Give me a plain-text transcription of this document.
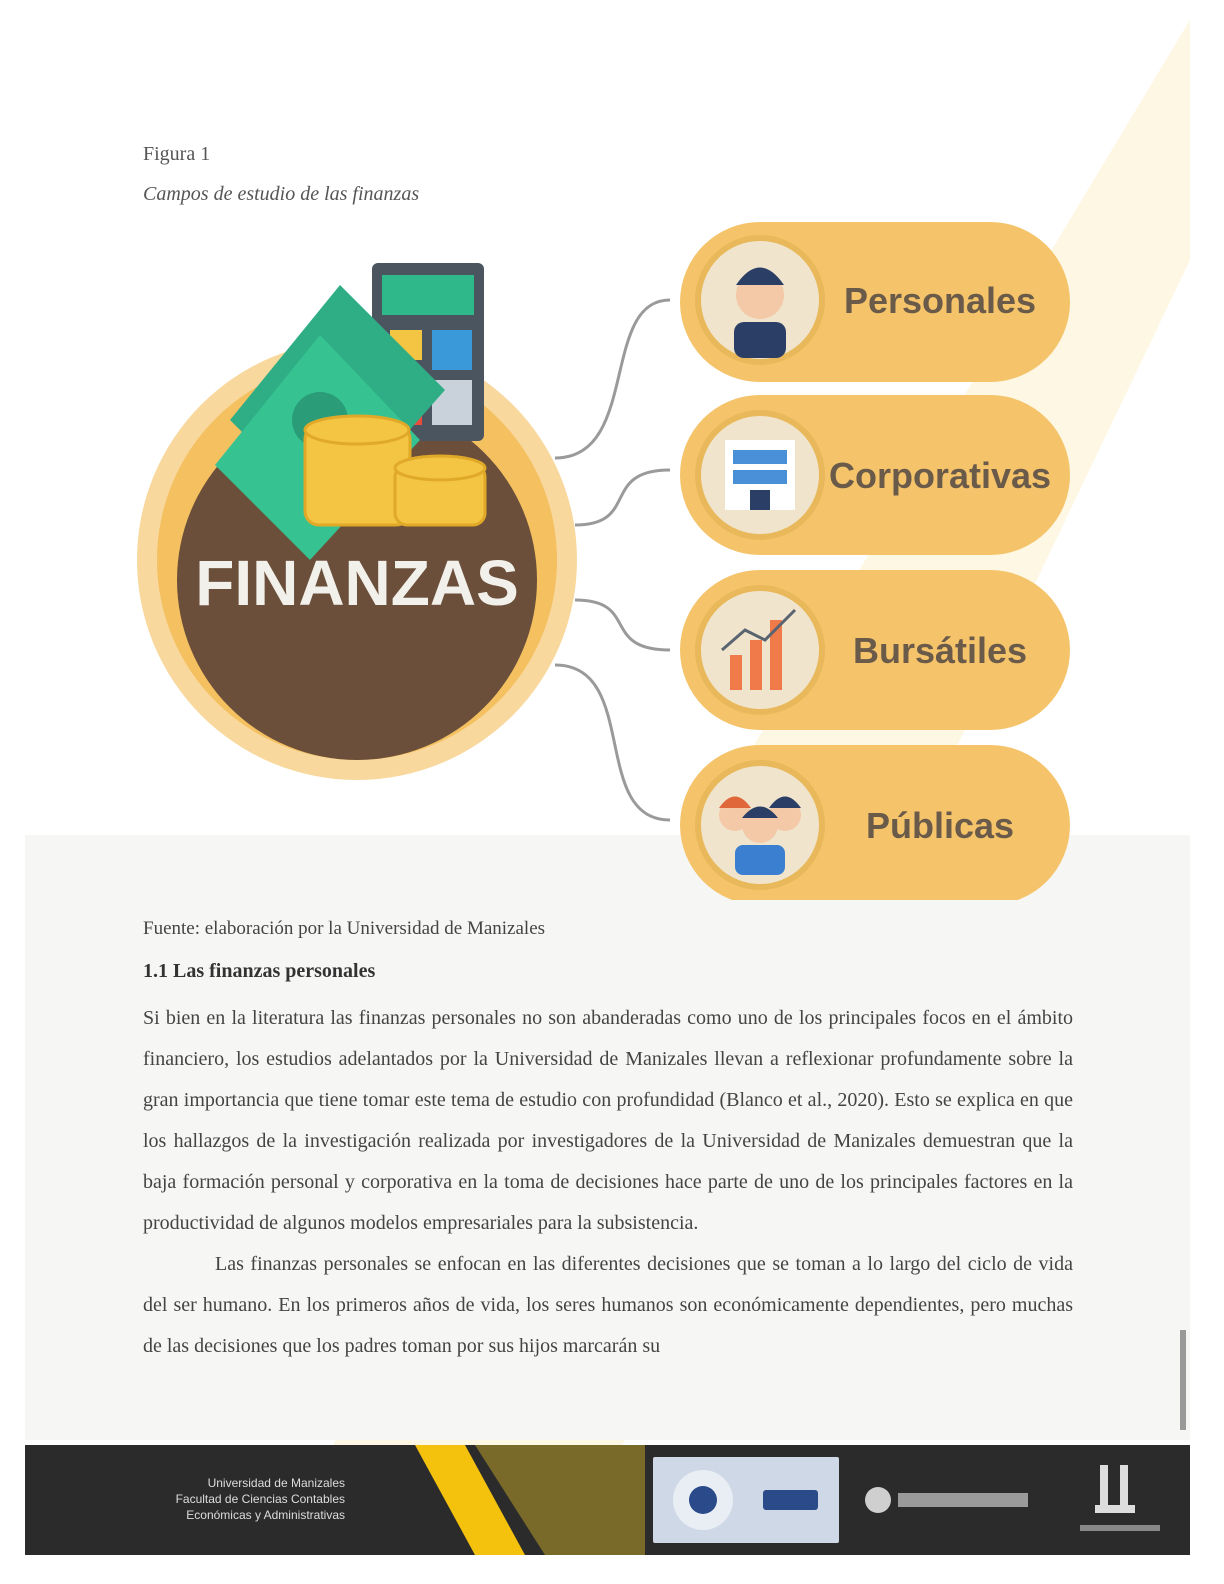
Figura 1
Campos de estudio de las finanzas
FINANZAS
Personales
Corporativas
Bursátiles
Públicas
Fuente: elaboración por la Universidad de Manizales
1.1 Las finanzas personales

Si bien en la literatura las finanzas personales no son abanderadas como uno de los principales focos en el ámbito financiero, los estudios adelantados por la Universidad de Manizales llevan a reflexionar profundamente sobre la gran importancia que tiene tomar este tema de estudio con profundidad (Blanco et al., 2020). Esto se explica en que los hallazgos de la investigación realizada por investigadores de la Universidad de Manizales demuestran que la baja formación personal y corporativa en la toma de decisiones hace parte de uno de los principales factores en la productividad de algunos modelos empresariales para la subsistencia.

Las finanzas personales se enfocan en las diferentes decisiones que se toman a lo largo del ciclo de vida del ser humano. En los primeros años de vida, los seres humanos son económicamente dependientes, pero muchas de las decisiones que los padres toman por sus hijos marcarán su

Universidad de Manizales
Facultad de Ciencias Contables
Económicas y Administrativas
